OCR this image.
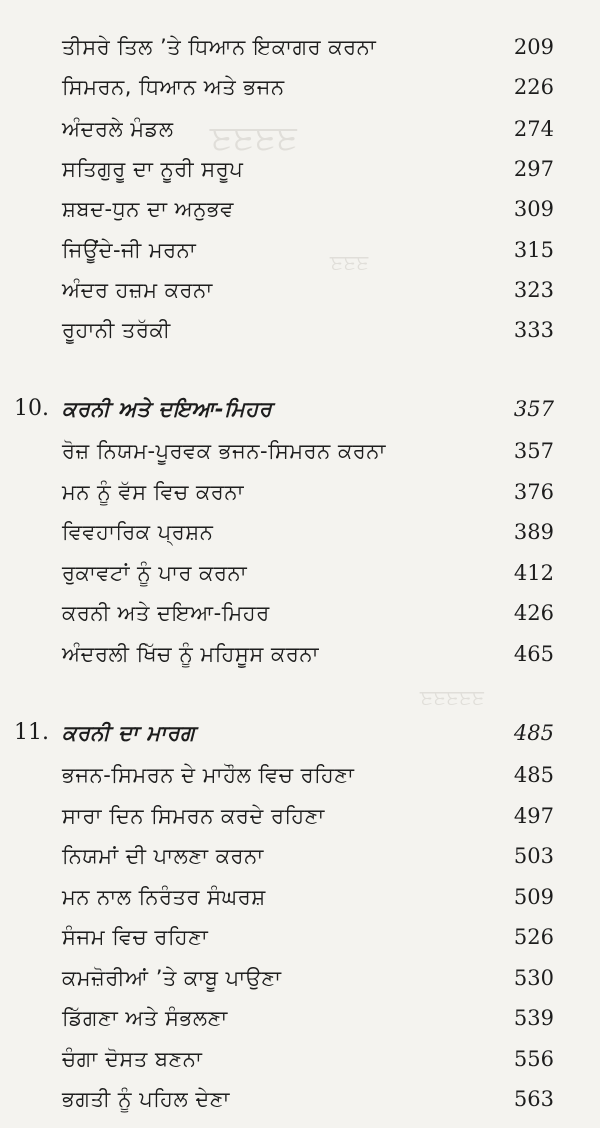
ਤਤਤਤ
ਤਤਤ
ਤਤਤਤਤ
ਤੀਸਰੇ ਤਿਲ ’ਤੇ ਧਿਆਨ ਇਕਾਗਰ ਕਰਨਾ	209
ਸਿਮਰਨ, ਧਿਆਨ ਅਤੇ ਭਜਨ	226
ਅੰਦਰਲੇ ਮੰਡਲ	274
ਸਤਿਗੁਰੂ ਦਾ ਨੂਰੀ ਸਰੂਪ	297
ਸ਼ਬਦ-ਧੁਨ ਦਾ ਅਨੁਭਵ	309
ਜਿਊਂਦੇ-ਜੀ ਮਰਨਾ	315
ਅੰਦਰ ਹਜ਼ਮ ਕਰਨਾ	323
ਰੂਹਾਨੀ ਤਰੱਕੀ	333
10. ਕਰਨੀ ਅਤੇ ਦਇਆ-ਮਿਹਰ	357
ਰੋਜ਼ ਨਿਯਮ-ਪੂਰਵਕ ਭਜਨ-ਸਿਮਰਨ ਕਰਨਾ	357
ਮਨ ਨੂੰ ਵੱਸ ਵਿਚ ਕਰਨਾ	376
ਵਿਵਹਾਰਿਕ ਪ੍ਰਸ਼ਨ	389
ਰੁਕਾਵਟਾਂ ਨੂੰ ਪਾਰ ਕਰਨਾ	412
ਕਰਨੀ ਅਤੇ ਦਇਆ-ਮਿਹਰ	426
ਅੰਦਰਲੀ ਖਿੱਚ ਨੂੰ ਮਹਿਸੂਸ ਕਰਨਾ	465
11. ਕਰਨੀ ਦਾ ਮਾਰਗ	485
ਭਜਨ-ਸਿਮਰਨ ਦੇ ਮਾਹੌਲ ਵਿਚ ਰਹਿਣਾ	485
ਸਾਰਾ ਦਿਨ ਸਿਮਰਨ ਕਰਦੇ ਰਹਿਣਾ	497
ਨਿਯਮਾਂ ਦੀ ਪਾਲਣਾ ਕਰਨਾ	503
ਮਨ ਨਾਲ ਨਿਰੰਤਰ ਸੰਘਰਸ਼	509
ਸੰਜਮ ਵਿਚ ਰਹਿਣਾ	526
ਕਮਜ਼ੋਰੀਆਂ ’ਤੇ ਕਾਬੂ ਪਾਉਣਾ	530
ਡਿੱਗਣਾ ਅਤੇ ਸੰਭਲਣਾ	539
ਚੰਗਾ ਦੋਸਤ ਬਣਨਾ	556
ਭਗਤੀ ਨੂੰ ਪਹਿਲ ਦੇਣਾ	563
